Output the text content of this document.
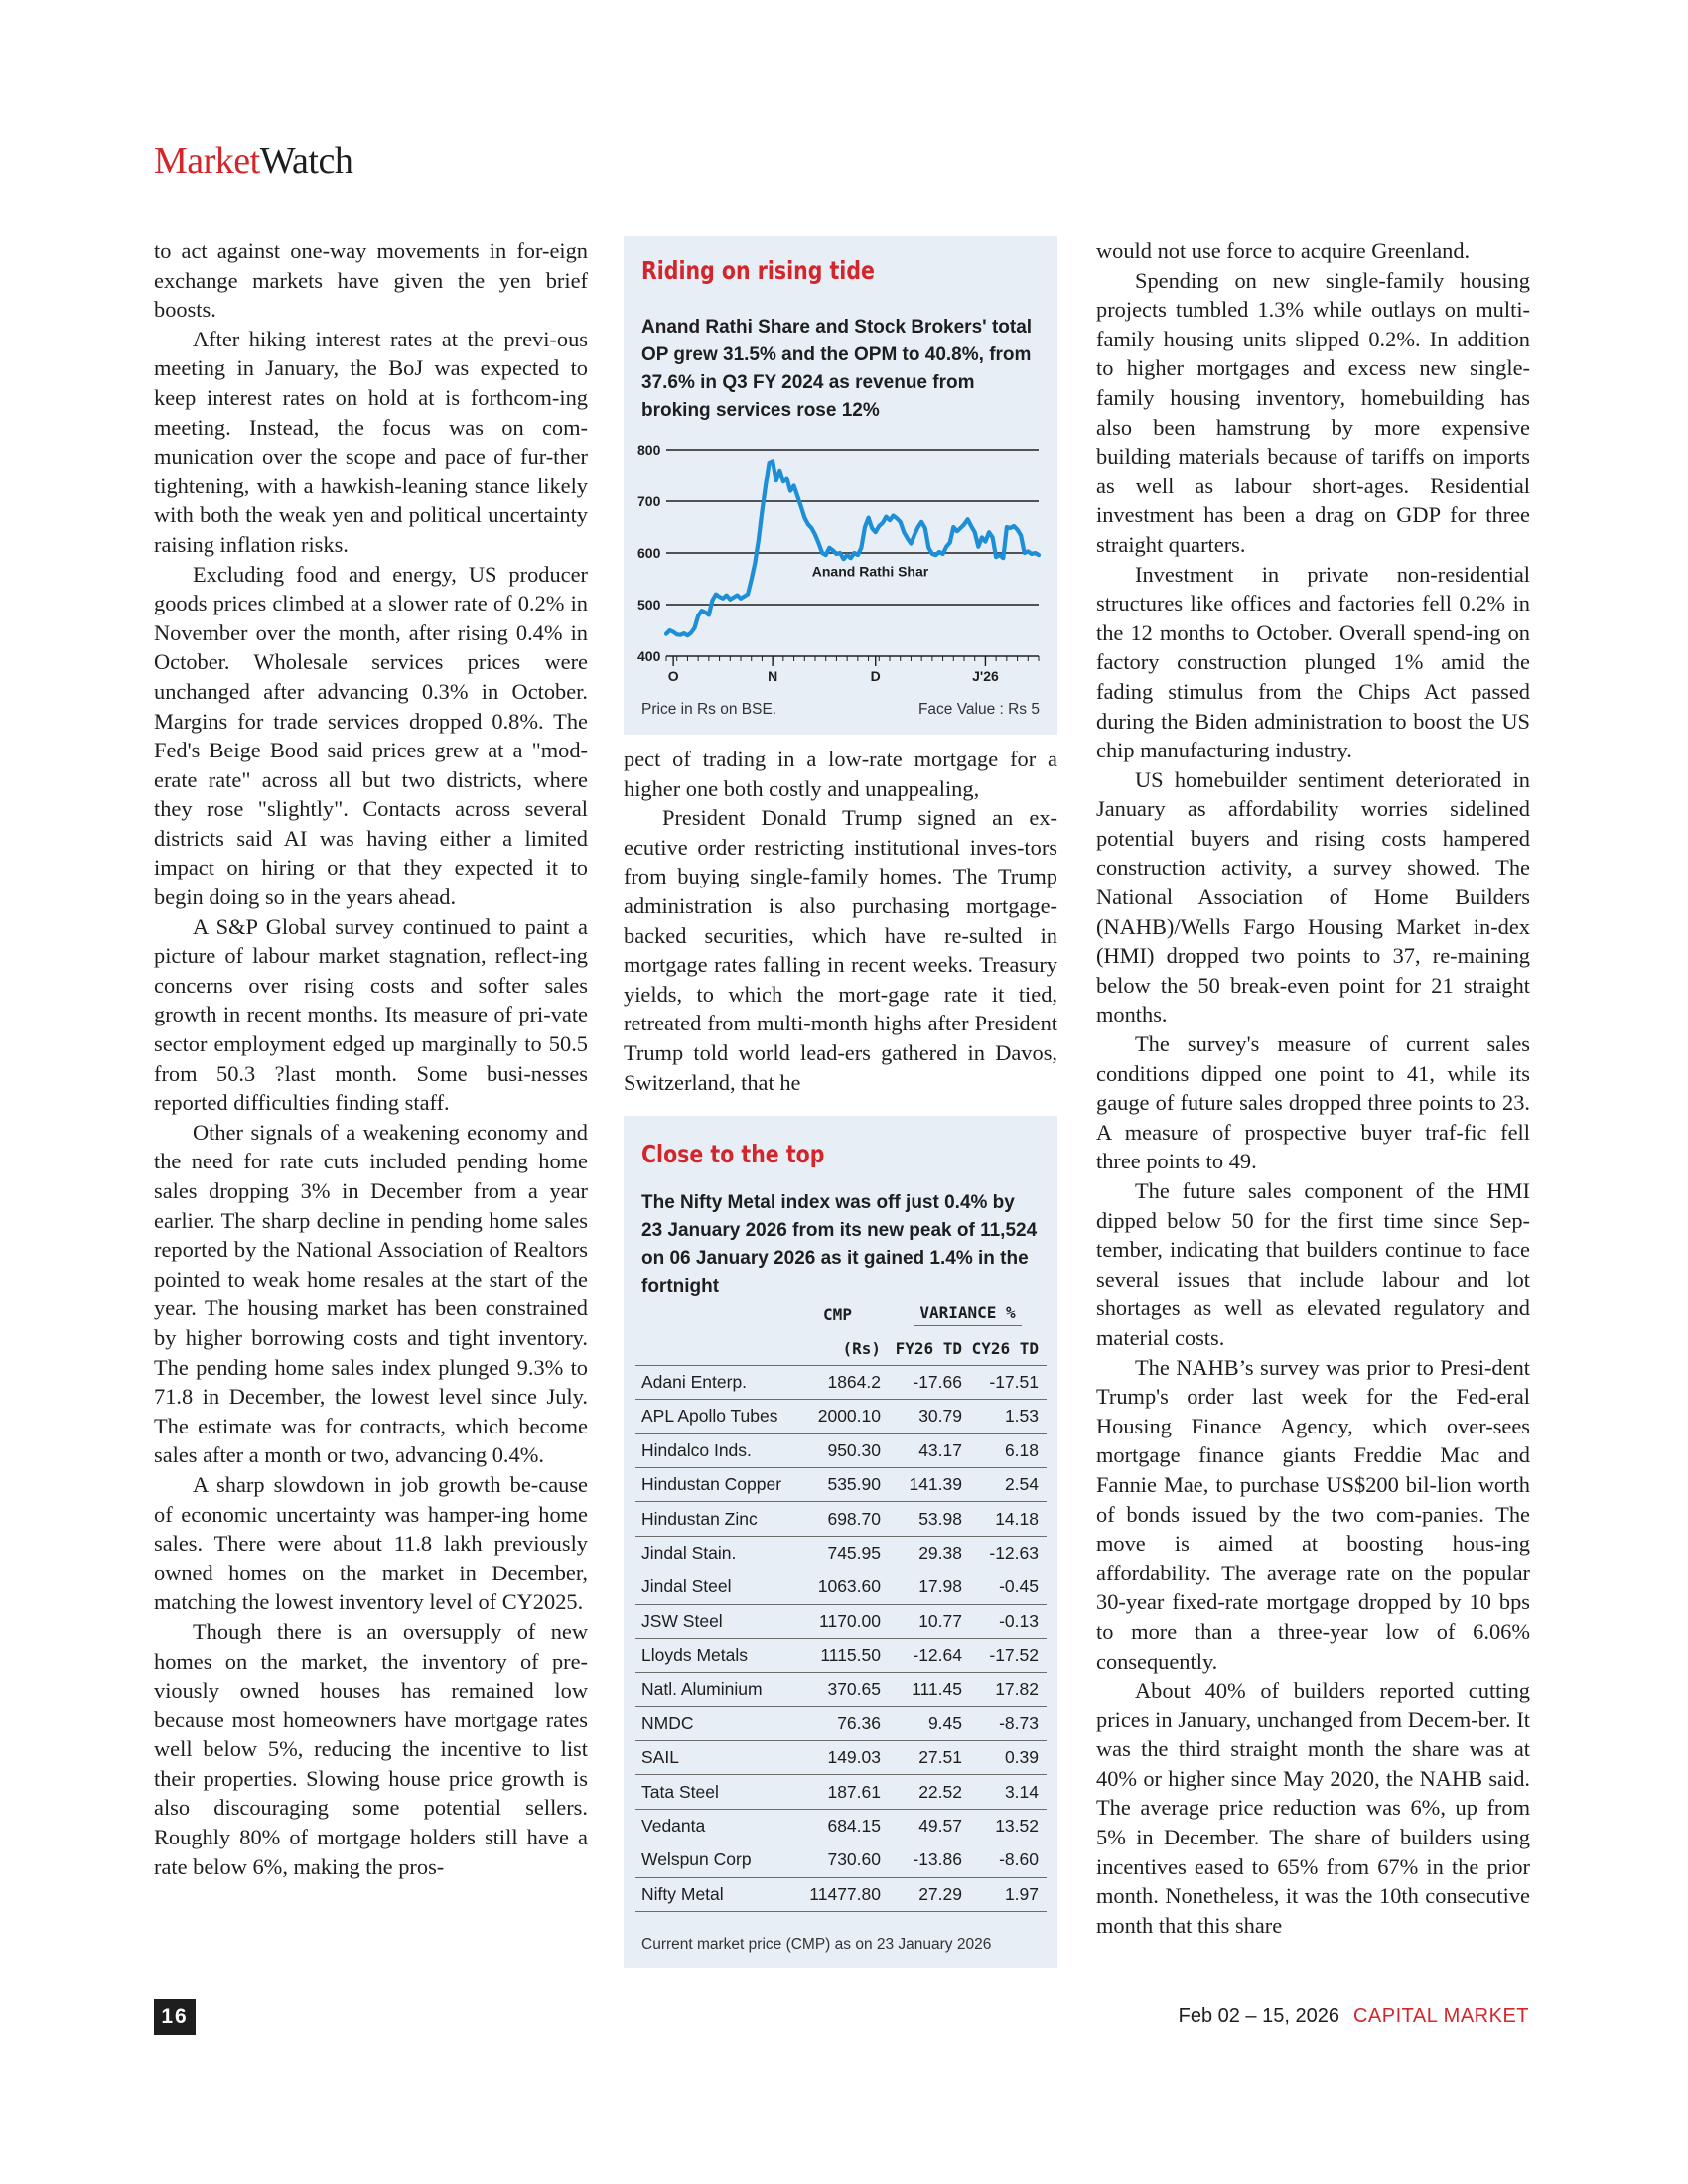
MarketWatch

to act against one-way movements in for-eign exchange markets have given the yen brief boosts.

After hiking interest rates at the previ-ous meeting in January, the BoJ was expected to keep interest rates on hold at is forthcom-ing meeting. Instead, the focus was on com-munication over the scope and pace of fur-ther tightening, with a hawkish-leaning stance likely with both the weak yen and political uncertainty raising inflation risks.

Excluding food and energy, US producer goods prices climbed at a slower rate of 0.2% in November over the month, after rising 0.4% in October. Wholesale services prices were unchanged after advancing 0.3% in October. Margins for trade services dropped 0.8%. The Fed's Beige Bood said prices grew at a "mod-erate rate" across all but two districts, where they rose "slightly". Contacts across several districts said AI was having either a limited impact on hiring or that they expected it to begin doing so in the years ahead.

A S&P Global survey continued to paint a picture of labour market stagnation, reflect-ing concerns over rising costs and softer sales growth in recent months. Its measure of pri-vate sector employment edged up marginally to 50.5 from 50.3 ?last month. Some busi-nesses reported difficulties finding staff.

Other signals of a weakening economy and the need for rate cuts included pending home sales dropping 3% in December from a year earlier. The sharp decline in pending home sales reported by the National Association of Realtors pointed to weak home resales at the start of the year. The housing market has been constrained by higher borrowing costs and tight inventory. The pending home sales index plunged 9.3% to 71.8 in December, the lowest level since July. The estimate was for contracts, which become sales after a month or two, advancing 0.4%.

A sharp slowdown in job growth be-cause of economic uncertainty was hamper-ing home sales. There were about 11.8 lakh previously owned homes on the market in December, matching the lowest inventory level of CY2025.

Though there is an oversupply of new homes on the market, the inventory of pre-viously owned houses has remained low because most homeowners have mortgage rates well below 5%, reducing the incentive to list their properties. Slowing house price growth is also discouraging some potential sellers. Roughly 80% of mortgage holders still have a rate below 6%, making the pros-

Riding on rising tide
Anand Rathi Share and Stock Brokers' total OP grew 31.5% and the OPM to 40.8%, from 37.6% in Q3 FY 2024 as revenue from broking services rose 12%
400
500
600
700
800
O	N	D	J'26
Anand Rathi Shar
Price in Rs on BSE.	Face Value : Rs 5

pect of trading in a low-rate mortgage for a higher one both costly and unappealing,

President Donald Trump signed an ex-ecutive order restricting institutional inves-tors from buying single-family homes. The Trump administration is also purchasing mortgage-backed securities, which have re-sulted in mortgage rates falling in recent weeks. Treasury yields, to which the mort-gage rate it tied, retreated from multi-month highs after President Trump told world lead-ers gathered in Davos, Switzerland, that he

Close to the top
The Nifty Metal index was off just 0.4% by 23 January 2026 from its new peak of 11,524 on 06 January 2026 as it gained 1.4% in the fortnight
	CMP	VARIANCE %	
	(Rs)	FY26 TD	CY26 TD
Adani Enterp.	1864.2	-17.66	-17.51
APL Apollo Tubes	2000.10	30.79	1.53
Hindalco Inds.	950.30	43.17	6.18
Hindustan Copper	535.90	141.39	2.54
Hindustan Zinc	698.70	53.98	14.18
Jindal Stain.	745.95	29.38	-12.63
Jindal Steel	1063.60	17.98	-0.45
JSW Steel	1170.00	10.77	-0.13
Lloyds Metals	1115.50	-12.64	-17.52
Natl. Aluminium	370.65	111.45	17.82
NMDC	76.36	9.45	-8.73
SAIL	149.03	27.51	0.39
Tata Steel	187.61	22.52	3.14
Vedanta	684.15	49.57	13.52
Welspun Corp	730.60	-13.86	-8.60
Nifty Metal	11477.80	27.29	1.97
Current market price (CMP) as on 23 January 2026

would not use force to acquire Greenland.

Spending on new single-family housing projects tumbled 1.3% while outlays on multi-family housing units slipped 0.2%. In addition to higher mortgages and excess new single-family housing inventory, homebuilding has also been hamstrung by more expensive building materials because of tariffs on imports as well as labour short-ages. Residential investment has been a drag on GDP for three straight quarters.

Investment in private non-residential structures like offices and factories fell 0.2% in the 12 months to October. Overall spend-ing on factory construction plunged 1% amid the fading stimulus from the Chips Act passed during the Biden administration to boost the US chip manufacturing industry.

US homebuilder sentiment deteriorated in January as affordability worries sidelined potential buyers and rising costs hampered construction activity, a survey showed. The National Association of Home Builders (NAHB)/Wells Fargo Housing Market in-dex (HMI) dropped two points to 37, re-maining below the 50 break-even point for 21 straight months.

The survey's measure of current sales conditions dipped one point to 41, while its gauge of future sales dropped three points to 23. A measure of prospective buyer traf-fic fell three points to 49.

The future sales component of the HMI dipped below 50 for the first time since Sep-tember, indicating that builders continue to face several issues that include labour and lot shortages as well as elevated regulatory and material costs.

The NAHB’s survey was prior to Presi-dent Trump's order last week for the Fed-eral Housing Finance Agency, which over-sees mortgage finance giants Freddie Mac and Fannie Mae, to purchase US$200 bil-lion worth of bonds issued by the two com-panies. The move is aimed at boosting hous-ing affordability. The average rate on the popular 30-year fixed-rate mortgage dropped by 10 bps to more than a three-year low of 6.06% consequently.

About 40% of builders reported cutting prices in January, unchanged from Decem-ber. It was the third straight month the share was at 40% or higher since May 2020, the NAHB said. The average price reduction was 6%, up from 5% in December. The share of builders using incentives eased to 65% from 67% in the prior month. Nonetheless, it was the 10th consecutive month that this share

16	Feb 02 – 15, 2026 CAPITAL MARKET
